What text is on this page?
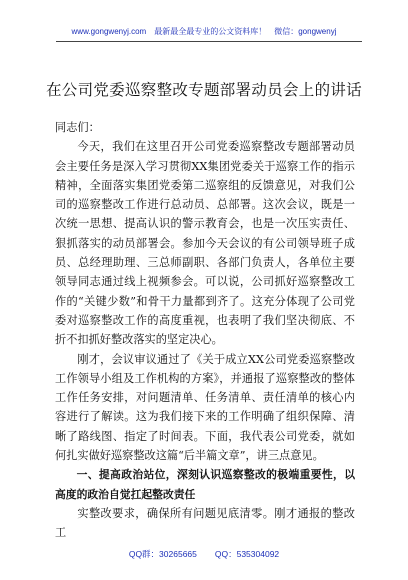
www.gongwenyj.com 最新最全最专业的公文资料库！ 微信：gongwenyj
在公司党委巡察整改专题部署动员会上的讲话

同志们：

今天，我们在这里召开公司党委巡察整改专题部署动员会主要任务是深入学习贯彻XX集团党委关于巡察工作的指示精神，全面落实集团党委第二巡察组的反馈意见，对我们公司的巡察整改工作进行总动员、总部署。这次会议，既是一次统一思想、提高认识的警示教育会，也是一次压实责任、狠抓落实的动员部署会。参加今天会议的有公司领导班子成员、总经理助理、三总师副职、各部门负责人，各单位主要领导同志通过线上视频参会。可以说，公司抓好巡察整改工作的“关键少数”和骨干力量都到齐了。这充分体现了公司党委对巡察整改工作的高度重视，也表明了我们坚决彻底、不折不扣抓好整改落实的坚定决心。

刚才，会议审议通过了《关于成立XX公司党委巡察整改工作领导小组及工作机构的方案》，并通报了巡察整改的整体工作任务安排，对问题清单、任务清单、责任清单的核心内容进行了解读。这为我们接下来的工作明确了组织保障、清晰了路线图、指定了时间表。下面，我代表公司党委，就如何扎实做好巡察整改这篇“后半篇文章”，讲三点意见。

一、提高政治站位，深刻认识巡察整改的极端重要性，以高度的政治自觉扛起整改责任

实整改要求，确保所有问题见底清零。刚才通报的整改工

QQ群：30265665 QQ：535304092
